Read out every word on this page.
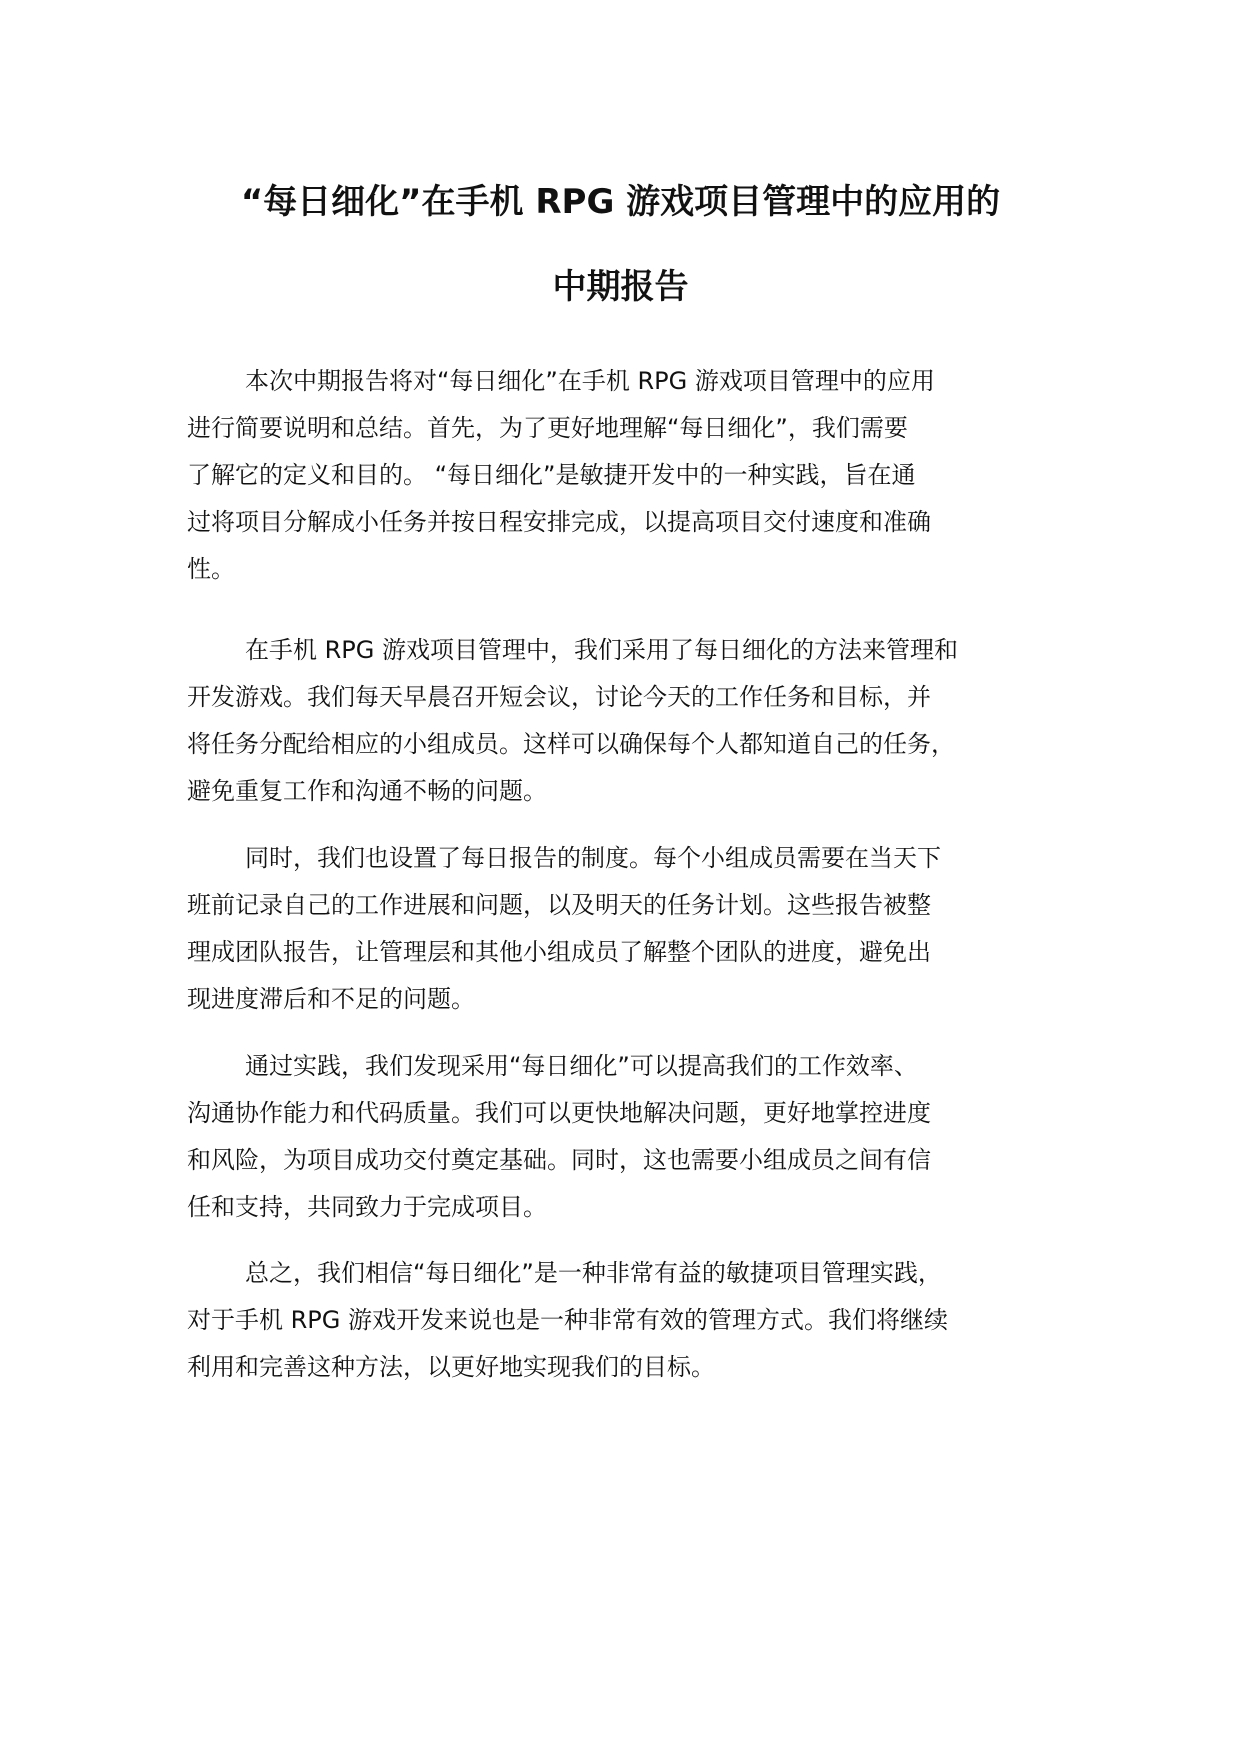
“每日细化”在手机 RPG 游戏项目管理中的应用的
中期报告
本次中期报告将对“每日细化”在手机 RPG 游戏项目管理中的应用
进行简要说明和总结。首先，为了更好地理解“每日细化”，我们需要
了解它的定义和目的。 “每日细化”是敏捷开发中的一种实践，旨在通
过将项目分解成小任务并按日程安排完成，以提高项目交付速度和准确
性。
在手机 RPG 游戏项目管理中，我们采用了每日细化的方法来管理和
开发游戏。我们每天早晨召开短会议，讨论今天的工作任务和目标，并
将任务分配给相应的小组成员。这样可以确保每个人都知道自己的任务，
避免重复工作和沟通不畅的问题。
同时，我们也设置了每日报告的制度。每个小组成员需要在当天下
班前记录自己的工作进展和问题，以及明天的任务计划。这些报告被整
理成团队报告，让管理层和其他小组成员了解整个团队的进度，避免出
现进度滞后和不足的问题。
通过实践，我们发现采用“每日细化”可以提高我们的工作效率、
沟通协作能力和代码质量。我们可以更快地解决问题，更好地掌控进度
和风险，为项目成功交付奠定基础。同时，这也需要小组成员之间有信
任和支持，共同致力于完成项目。
总之，我们相信“每日细化”是一种非常有益的敏捷项目管理实践，
对于手机 RPG 游戏开发来说也是一种非常有效的管理方式。我们将继续
利用和完善这种方法，以更好地实现我们的目标。
